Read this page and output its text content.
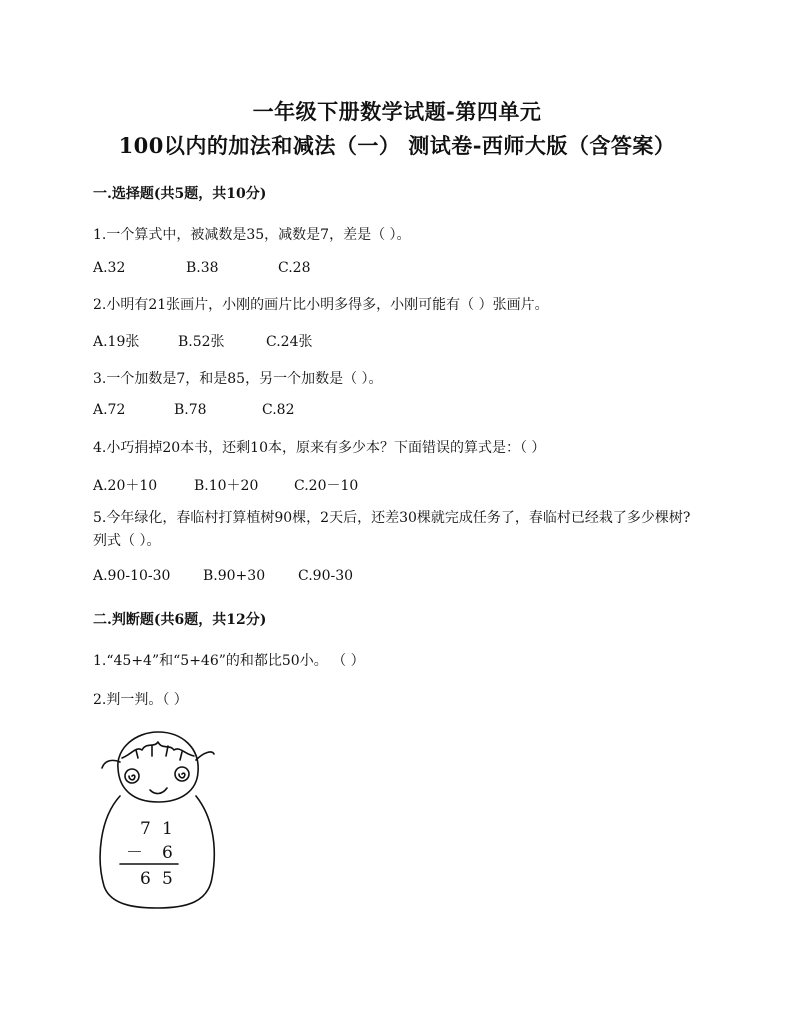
一年级下册数学试题-第四单元
100以内的加法和减法（一） 测试卷-西师大版（含答案）
一.选择题(共5题，共10分)
1.一个算式中，被减数是35，减数是7，差是（ ）。
A.32	B.38	C.28
2.小明有21张画片，小刚的画片比小明多得多，小刚可能有（ ）张画片。
A.19张	B.52张	C.24张
3.一个加数是7，和是85，另一个加数是（ ）。
A.72	B.78	C.82
4.小巧捐掉20本书，还剩10本，原来有多少本？下面错误的算式是：（ ）
A.20＋10	B.10＋20	C.20－10
5.今年绿化，春临村打算植树90棵，2天后，还差30棵就完成任务了，春临村已经栽了多少棵树?列式（ ）。
A.90-10-30 B.90+30 C.90-30
二.判断题(共6题，共12分)
1.“45+4”和“5+46”的和都比50小。 （ ）
2.判一判。（ ）
7 1
－ 6
6 5
